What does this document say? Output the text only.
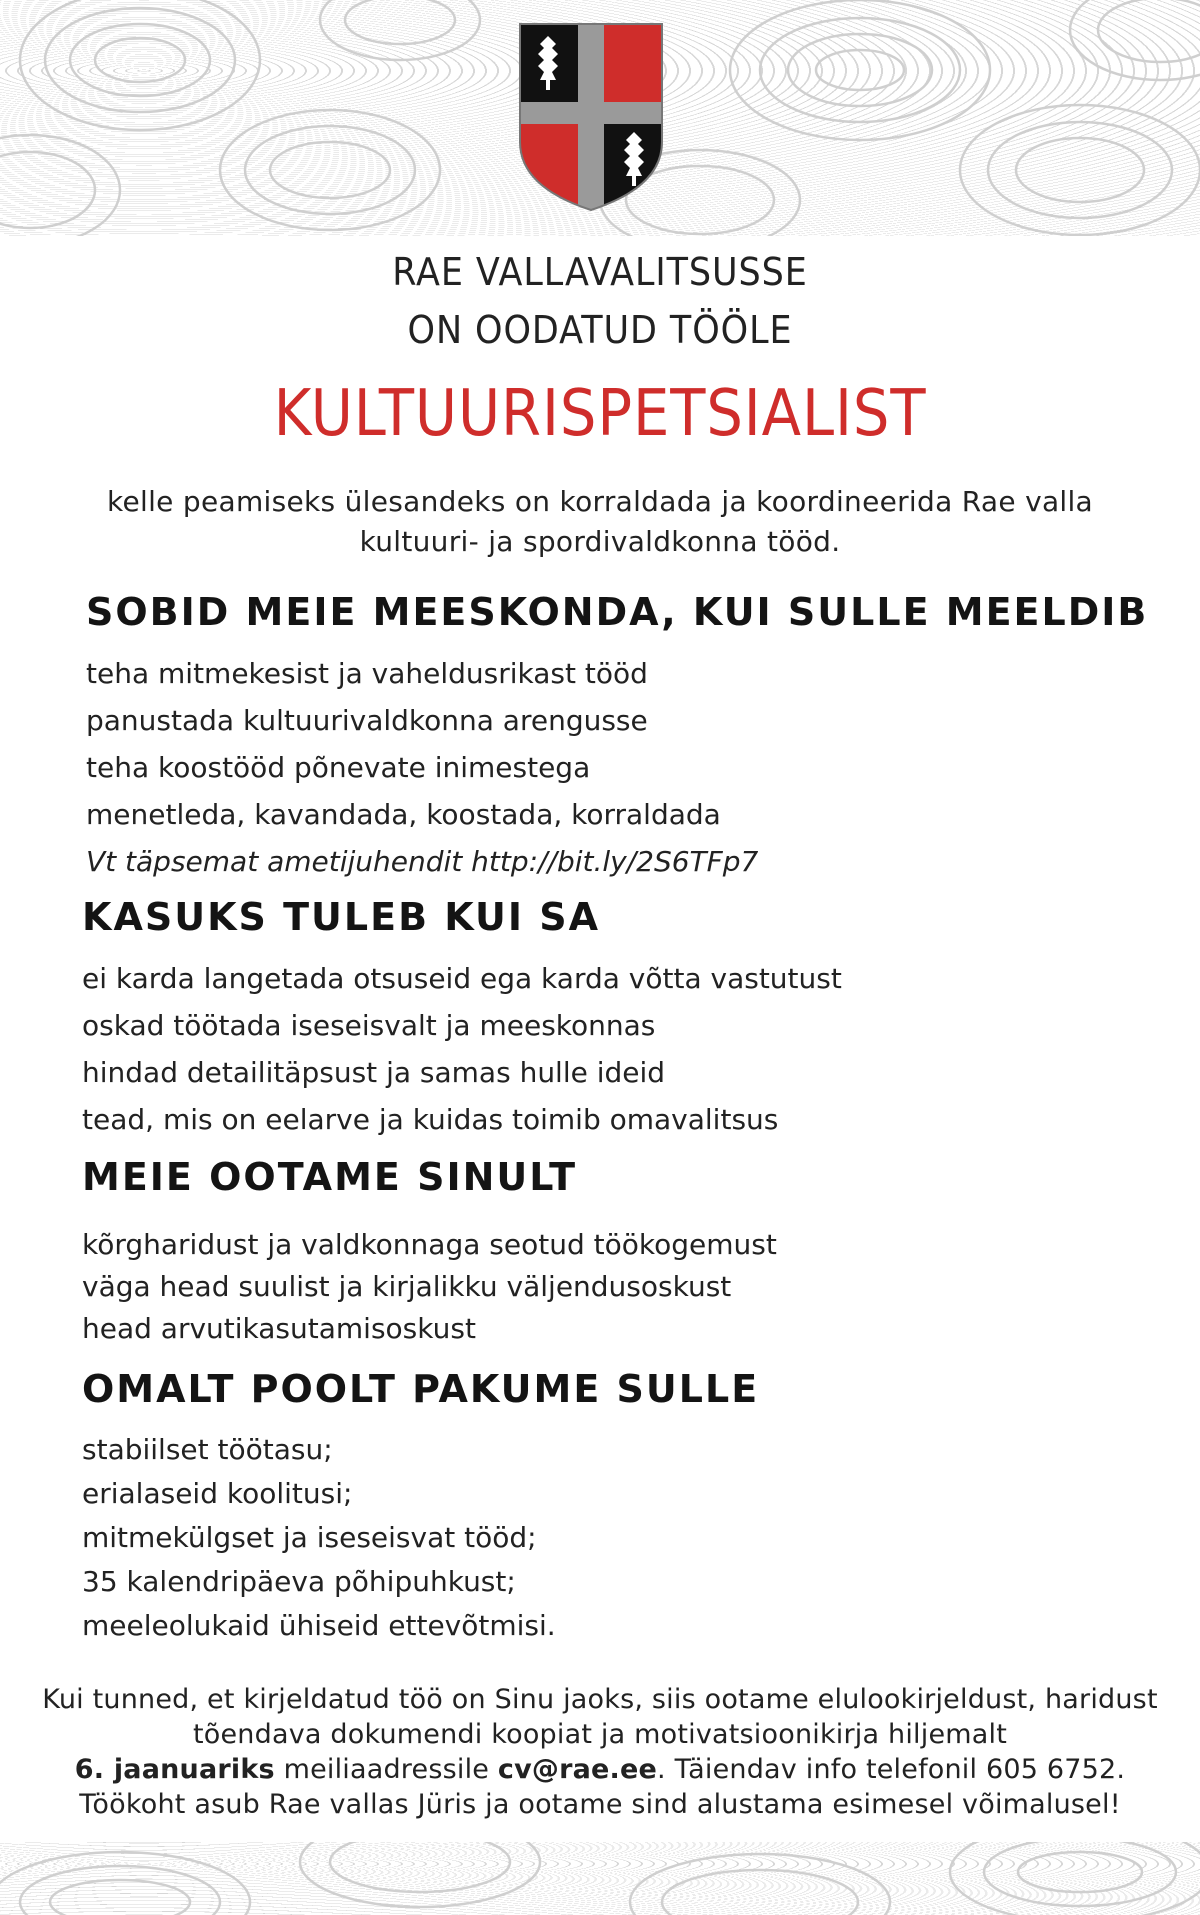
RAE VALLAVALITSUSSE
ON OODATUD TÖÖLE
KULTUURISPETSIALIST
kelle peamiseks ülesandeks on korraldada ja koordineerida Rae valla
kultuuri- ja spordivaldkonna tööd.
SOBID MEIE MEESKONDA, KUI SULLE MEELDIB
teha mitmekesist ja vaheldusrikast tööd
panustada kultuurivaldkonna arengusse
teha koostööd põnevate inimestega
menetleda, kavandada, koostada, korraldada
Vt täpsemat ametijuhendit http://bit.ly/2S6TFp7
KASUKS TULEB KUI SA
ei karda langetada otsuseid ega karda võtta vastutust
oskad töötada iseseisvalt ja meeskonnas
hindad detailitäpsust ja samas hulle ideid
tead, mis on eelarve ja kuidas toimib omavalitsus
MEIE OOTAME SINULT
kõrgharidust ja valdkonnaga seotud töökogemust
väga head suulist ja kirjalikku väljendusoskust
head arvutikasutamisoskust
OMALT POOLT PAKUME SULLE
stabiilset töötasu;
erialaseid koolitusi;
mitmekülgset ja iseseisvat tööd;
35 kalendripäeva põhipuhkust;
meeleolukaid ühiseid ettevõtmisi.
Kui tunned, et kirjeldatud töö on Sinu jaoks, siis ootame elulookirjeldust, haridust
tõendava dokumendi koopiat ja motivatsioonikirja hiljemalt
6. jaanuariks meiliaadressile cv@rae.ee. Täiendav info telefonil 605 6752.
Töökoht asub Rae vallas Jüris ja ootame sind alustama esimesel võimalusel!
